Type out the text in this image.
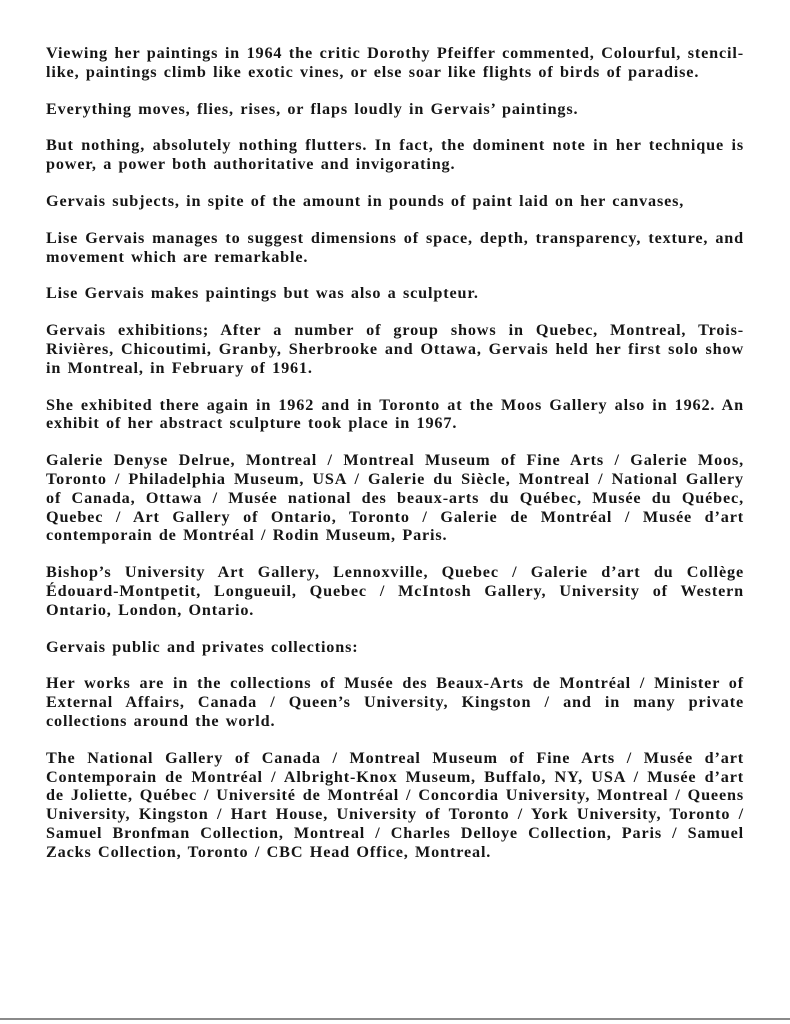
Viewing her paintings in 1964 the critic Dorothy Pfeiffer commented, Colourful, stencil-like, paintings climb like exotic vines, or else soar like flights of birds of paradise.

Everything moves, flies, rises, or flaps loudly in Gervais’ paintings.

But nothing, absolutely nothing flutters. In fact, the dominent note in her technique is power, a power both authoritative and invigorating.

Gervais subjects, in spite of the amount in pounds of paint laid on her canvases,

Lise Gervais manages to suggest dimensions of space, depth, transparency, texture, and movement which are remarkable.

Lise Gervais makes paintings but was also a sculpteur.

Gervais exhibitions; After a number of group shows in Quebec, Montreal, Trois-Rivières, Chicoutimi, Granby, Sherbrooke and Ottawa, Gervais held her first solo show in Montreal, in February of 1961.

She exhibited there again in 1962 and in Toronto at the Moos Gallery also in 1962. An exhibit of her abstract sculpture took place in 1967.

Galerie Denyse Delrue, Montreal / Montreal Museum of Fine Arts / Galerie Moos, Toronto / Philadelphia Museum, USA / Galerie du Siècle, Montreal / National Gallery of Canada, Ottawa / Musée national des beaux-arts du Québec, Musée du Québec, Quebec / Art Gallery of Ontario, Toronto / Galerie de Montréal / Musée d’art contemporain de Montréal / Rodin Museum, Paris.

Bishop’s University Art Gallery, Lennoxville, Quebec / Galerie d’art du Collège Édouard-Montpetit, Longueuil, Quebec / McIntosh Gallery, University of Western Ontario, London, Ontario.

Gervais public and privates collections:

Her works are in the collections of Musée des Beaux-Arts de Montréal / Minister of External Affairs, Canada / Queen’s University, Kingston / and in many private collections around the world.

The National Gallery of Canada / Montreal Museum of Fine Arts / Musée d’art Contemporain de Montréal / Albright-Knox Museum, Buffalo, NY, USA / Musée d’art de Joliette, Québec / Université de Montréal / Concordia University, Montreal / Queens University, Kingston / Hart House, University of Toronto / York University, Toronto / Samuel Bronfman Collection, Montreal / Charles Delloye Collection, Paris / Samuel Zacks Collection, Toronto / CBC Head Office, Montreal.
